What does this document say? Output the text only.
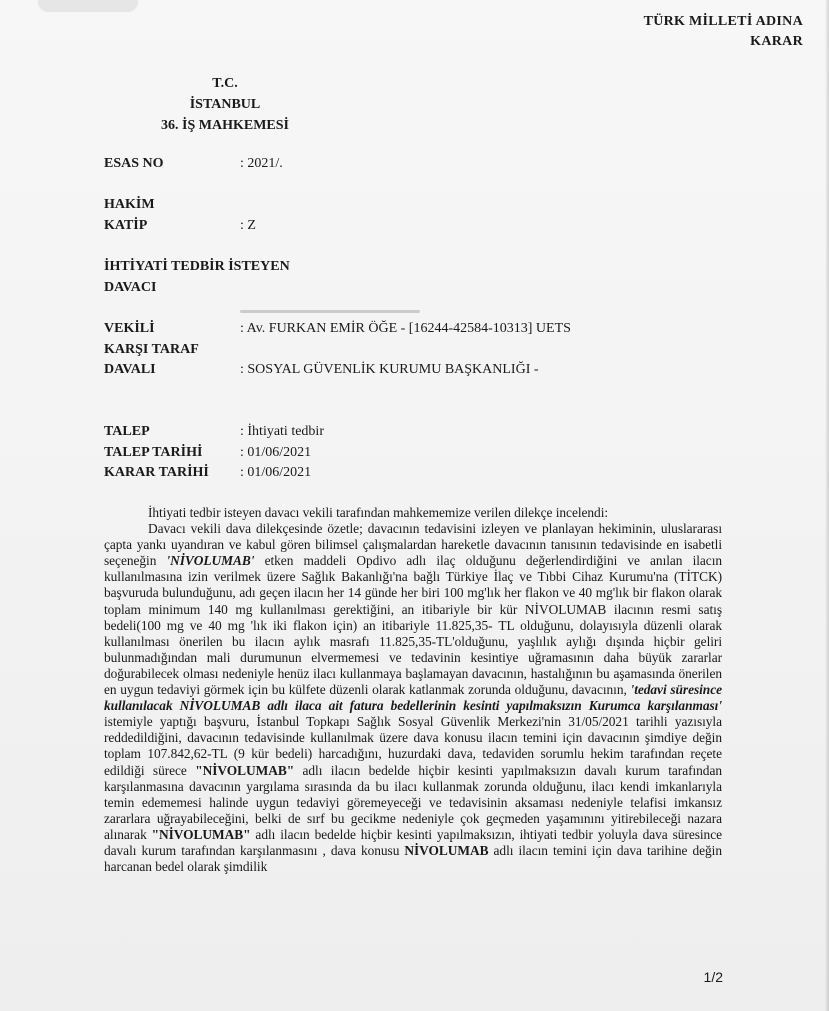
TÜRK MİLLETİ ADINA
KARAR
T.C.
İSTANBUL
36. İŞ MAHKEMESİ
ESAS NO	: 2021/.
HAKİM
KATİP	: Z
İHTİYATİ TEDBİR İSTEYEN
DAVACI
VEKİLİ	: Av. FURKAN EMİR ÖĞE - [16244-42584-10313] UETS
KARŞI TARAF
DAVALI	: SOSYAL GÜVENLİK KURUMU BAŞKANLIĞI -
TALEP	: İhtiyati tedbir
TALEP TARİHİ	: 01/06/2021
KARAR TARİHİ : 01/06/2021

İhtiyati tedbir isteyen davacı vekili tarafından mahkememize verilen dilekçe incelendi:

Davacı vekili dava dilekçesinde özetle; davacının tedavisini izleyen ve planlayan hekiminin, uluslararası çapta yankı uyandıran ve kabul gören bilimsel çalışmalardan hareketle davacının tanısının tedavisinde en isabetli seçeneğin 'NİVOLUMAB' etken maddeli Opdivo adlı ilaç olduğunu değerlendirdiğini ve anılan ilacın kullanılmasına izin verilmek üzere Sağlık Bakanlığı'na bağlı Türkiye İlaç ve Tıbbi Cihaz Kurumu'na (TİTCK) başvuruda bulunduğunu, adı geçen ilacın her 14 günde her biri 100 mg'lık her flakon ve 40 mg'lık bir flakon olarak toplam minimum 140 mg kullanılması gerektiğini, an itibariyle bir kür NİVOLUMAB ilacının resmi satış bedeli(100 mg ve 40 mg 'lık iki flakon için) an itibariyle 11.825,35- TL olduğunu, dolayısıyla düzenli olarak kullanılması önerilen bu ilacın aylık masrafı 11.825,35-TL'olduğunu, yaşlılık aylığı dışında hiçbir geliri bulunmadığından mali durumunun elvermemesi ve tedavinin kesintiye uğramasının daha büyük zararlar doğurabilecek olması nedeniyle henüz ilacı kullanmaya başlamayan davacının, hastalığının bu aşamasında önerilen en uygun tedaviyi görmek için bu külfete düzenli olarak katlanmak zorunda olduğunu, davacının, 'tedavi süresince kullanılacak NİVOLUMAB adlı ilaca ait fatura bedellerinin kesinti yapılmaksızın Kurumca karşılanması' istemiyle yaptığı başvuru, İstanbul Topkapı Sağlık Sosyal Güvenlik Merkezi'nin 31/05/2021 tarihli yazısıyla reddedildiğini, davacının tedavisinde kullanılmak üzere dava konusu ilacın temini için davacının şimdiye değin toplam 107.842,62-TL (9 kür bedeli) harcadığını, huzurdaki dava, tedaviden sorumlu hekim tarafından reçete edildiği sürece "NİVOLUMAB" adlı ilacın bedelde hiçbir kesinti yapılmaksızın davalı kurum tarafından karşılanmasına davacının yargılama sırasında da bu ilacı kullanmak zorunda olduğunu, ilacı kendi imkanlarıyla temin edememesi halinde uygun tedaviyi göremeyeceği ve tedavisinin aksaması nedeniyle telafisi imkansız zararlara uğrayabileceğini, belki de sırf bu gecikme nedeniyle çok geçmeden yaşamınını yitirebileceği nazara alınarak "NİVOLUMAB" adlı ilacın bedelde hiçbir kesinti yapılmaksızın, ihtiyati tedbir yoluyla dava süresince davalı kurum tarafından karşılanmasını , dava konusu NİVOLUMAB adlı ilacın temini için dava tarihine değin harcanan bedel olarak şimdilik

1/2
